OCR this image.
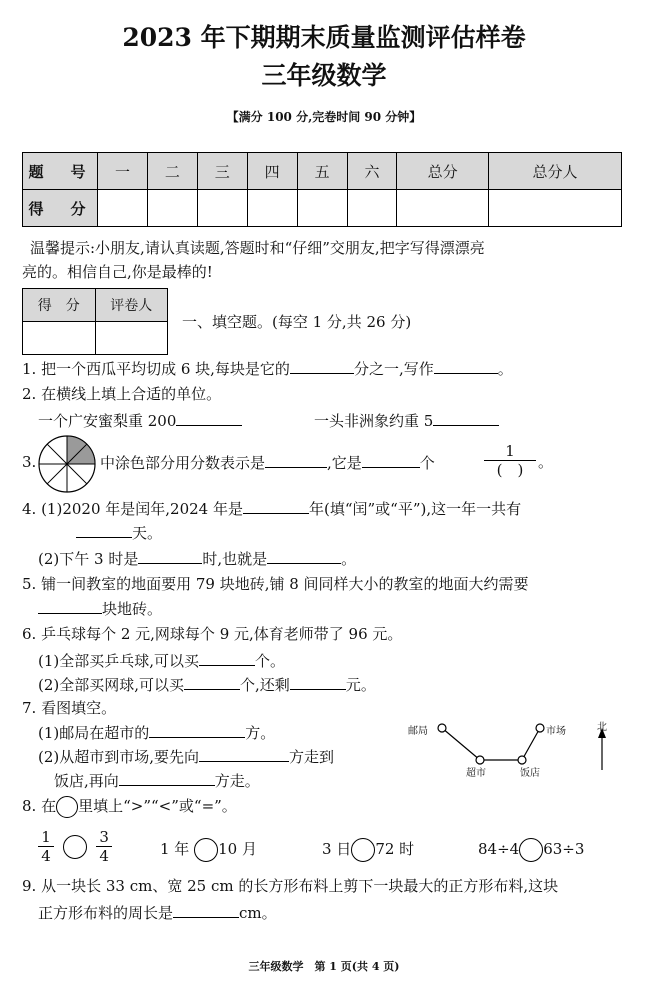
2023 年下期期末质量监测评估样卷
三年级数学
【满分 100 分,完卷时间 90 分钟】
题　号	一	二	三	四	五	六	总分	总分人
得　分								
温馨提示:小朋友,请认真读题,答题时和“仔细”交朋友,把字写得漂漂亮
亮的。相信自己,你是最棒的!
得　分	评卷人

一、填空题。(每空 1 分,共 26 分)
1. 把一个西瓜平均切成 6 块,每块是它的	分之一,写作	。
2. 在横线上填上合适的单位。
一个广安蜜梨重 200	一头非洲象约重 5
3.	中涂色部分用分数表示是	,它是	个
1
(　) 。
4. (1)2020 年是闰年,2024 年是	年(填“闰”或“平”),这一年一共有
天。
(2)下午 3 时是	时,也就是	。
5. 铺一间教室的地面要用 79 块地砖,铺 8 间同样大小的教室的地面大约需要
块地砖。
6. 乒乓球每个 2 元,网球每个 9 元,体育老师带了 96 元。
(1)全部买乒乓球,可以买	个。
(2)全部买网球,可以买	个,还剩	元。
7. 看图填空。
(1)邮局在超市的	方。
(2)从超市到市场,要先向	方走到
饭店,再向	方走。
邮局	市场
超市	饭店
北
8. 在 里填上“>”“<”或“=”。
$\frac{1}{4}$
	$\frac{3}{4}$	1 年 10 月	3 日 72 时	84÷4 63÷3
9. 从一块长 33 cm、宽 25 cm 的长方形布料上剪下一块最大的正方形布料,这块
正方形布料的周长是	cm。
三年级数学　第 1 页(共 4 页)
